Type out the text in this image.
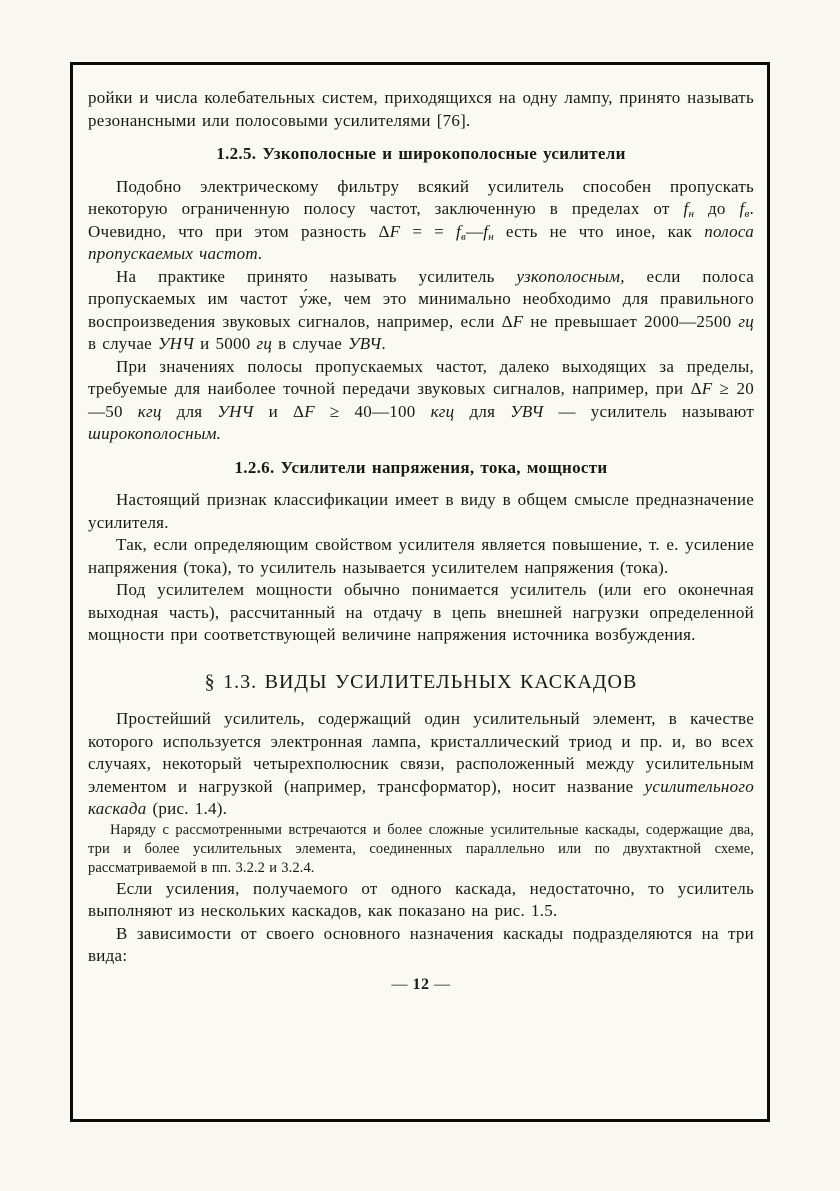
ройки и числа колебательных систем, приходящихся на одну лампу, принято называть резонансными или полосовыми усилителями [76].

1.2.5. Узкополосные и широкополосные усилители

Подобно электрическому фильтру всякий усилитель способен пропускать некоторую ограниченную полосу частот, заключенную в пределах от $f_н$ до $f_в$. Очевидно, что при этом разность ΔF = = $f_в—f_н$ есть не что иное, как полоса пропускаемых частот.

На практике принято называть усилитель узкополосным, если полоса пропускаемых им частот у́же, чем это минимально необходимо для правильного воспроизведения звуковых сигналов, например, если ΔF не превышает 2000—2500 гц в случае УНЧ и 5000 гц в случае УВЧ.

При значениях полосы пропускаемых частот, далеко выходящих за пределы, требуемые для наиболее точной передачи звуковых сигналов, например, при ΔF ≥ 20—50 кгц для УНЧ и ΔF ≥ 40—100 кгц для УВЧ — усилитель называют широкополосным.

1.2.6. Усилители напряжения, тока, мощности

Настоящий признак классификации имеет в виду в общем смысле предназначение усилителя.

Так, если определяющим свойством усилителя является повышение, т. е. усиление напряжения (тока), то усилитель называется усилителем напряжения (тока).

Под усилителем мощности обычно понимается усилитель (или его оконечная выходная часть), рассчитанный на отдачу в цепь внешней нагрузки определенной мощности при соответствующей величине напряжения источника возбуждения.

§ 1.3. ВИДЫ УСИЛИТЕЛЬНЫХ КАСКАДОВ

Простейший усилитель, содержащий один усилительный элемент, в качестве которого используется электронная лампа, кристаллический триод и пр. и, во всех случаях, некоторый четырехполюсник связи, расположенный между усилительным элементом и нагрузкой (например, трансформатор), носит название усилительного каскада (рис. 1.4).

Наряду с рассмотренными встречаются и более сложные усилительные каскады, содержащие два, три и более усилительных элемента, соединенных параллельно или по двухтактной схеме, рассматриваемой в пп. 3.2.2 и 3.2.4.

Если усиления, получаемого от одного каскада, недостаточно, то усилитель выполняют из нескольких каскадов, как показано на рис. 1.5.

В зависимости от своего основного назначения каскады подразделяются на три вида:

— 12 —
